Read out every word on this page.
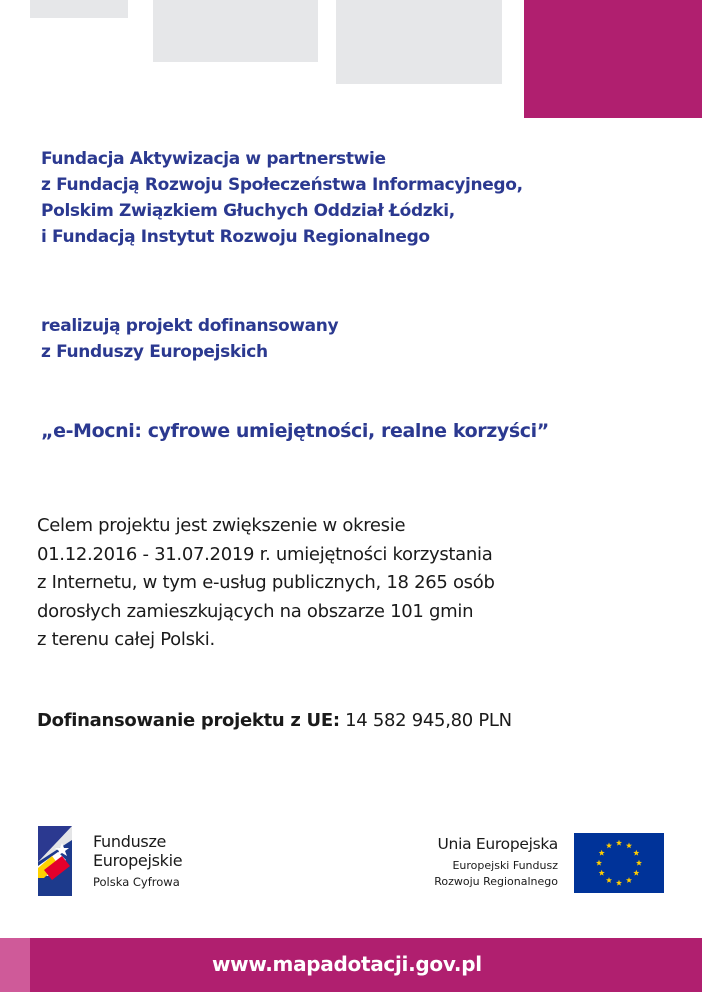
Fundacja Aktywizacja w partnerstwie
z Fundacją Rozwoju Społeczeństwa Informacyjnego,
Polskim Związkiem Głuchych Oddział Łódzki,
i Fundacją Instytut Rozwoju Regionalnego
realizują projekt dofinansowany
z Funduszy Europejskich
„e-Mocni: cyfrowe umiejętności, realne korzyści”

Celem projektu jest zwiększenie w okresie
01.12.2016 - 31.07.2019 r. umiejętności korzystania
z Internetu, w tym e-usług publicznych, 18 265 osób
dorosłych zamieszkujących na obszarze 101 gmin
z terenu całej Polski.

Dofinansowanie projektu z UE: 14 582 945,80 PLN

Fundusze
Europejskie
Polska Cyfrowa
Unia Europejska
Europejski Fundusz
Rozwoju Regionalnego
www.mapadotacji.gov.pl
